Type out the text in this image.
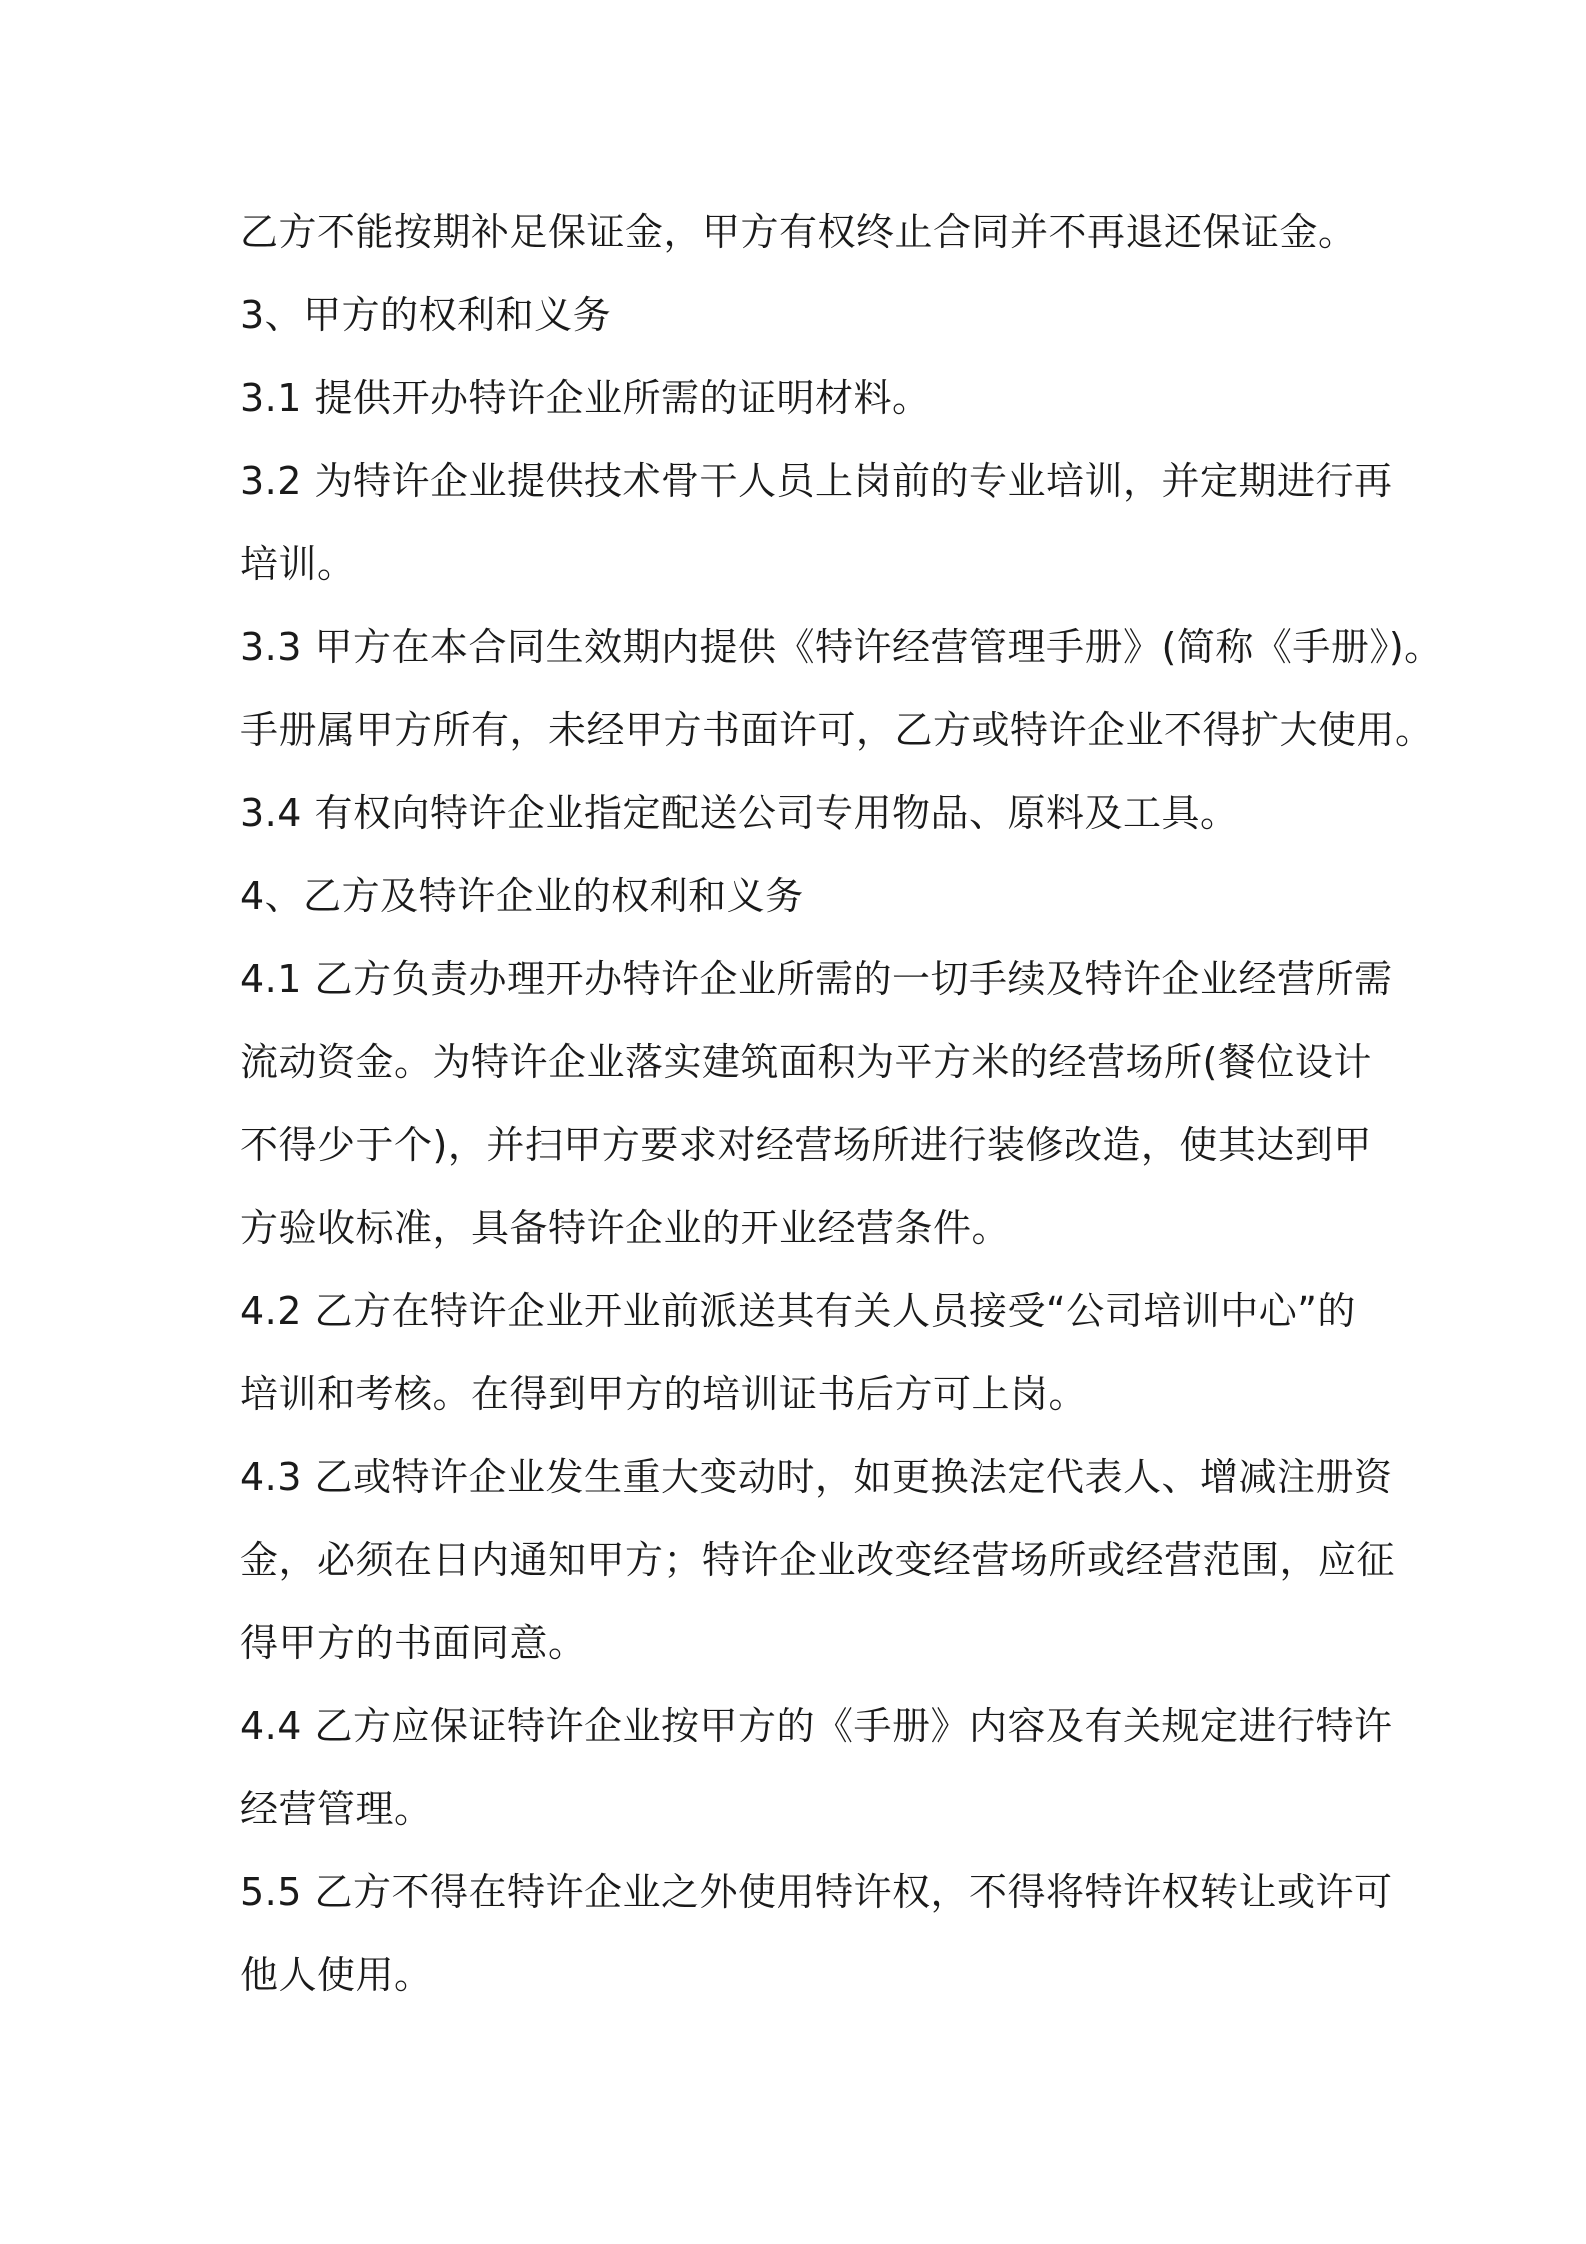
乙方不能按期补足保证金，甲方有权终止合同并不再退还保证金。
3、甲方的权利和义务
3.1 提供开办特许企业所需的证明材料。
3.2 为特许企业提供技术骨干人员上岗前的专业培训，并定期进行再
培训。
3.3 甲方在本合同生效期内提供《特许经营管理手册》(简称《手册》)。
手册属甲方所有，未经甲方书面许可，乙方或特许企业不得扩大使用。
3.4 有权向特许企业指定配送公司专用物品、原料及工具。
4、乙方及特许企业的权利和义务
4.1 乙方负责办理开办特许企业所需的一切手续及特许企业经营所需
流动资金。为特许企业落实建筑面积为平方米的经营场所(餐位设计
不得少于个)，并扫甲方要求对经营场所进行装修改造，使其达到甲
方验收标准，具备特许企业的开业经营条件。
4.2 乙方在特许企业开业前派送其有关人员接受“公司培训中心”的
培训和考核。在得到甲方的培训证书后方可上岗。
4.3 乙或特许企业发生重大变动时，如更换法定代表人、增减注册资
金，必须在日内通知甲方；特许企业改变经营场所或经营范围，应征
得甲方的书面同意。
4.4 乙方应保证特许企业按甲方的《手册》内容及有关规定进行特许
经营管理。
5.5 乙方不得在特许企业之外使用特许权，不得将特许权转让或许可
他人使用。
